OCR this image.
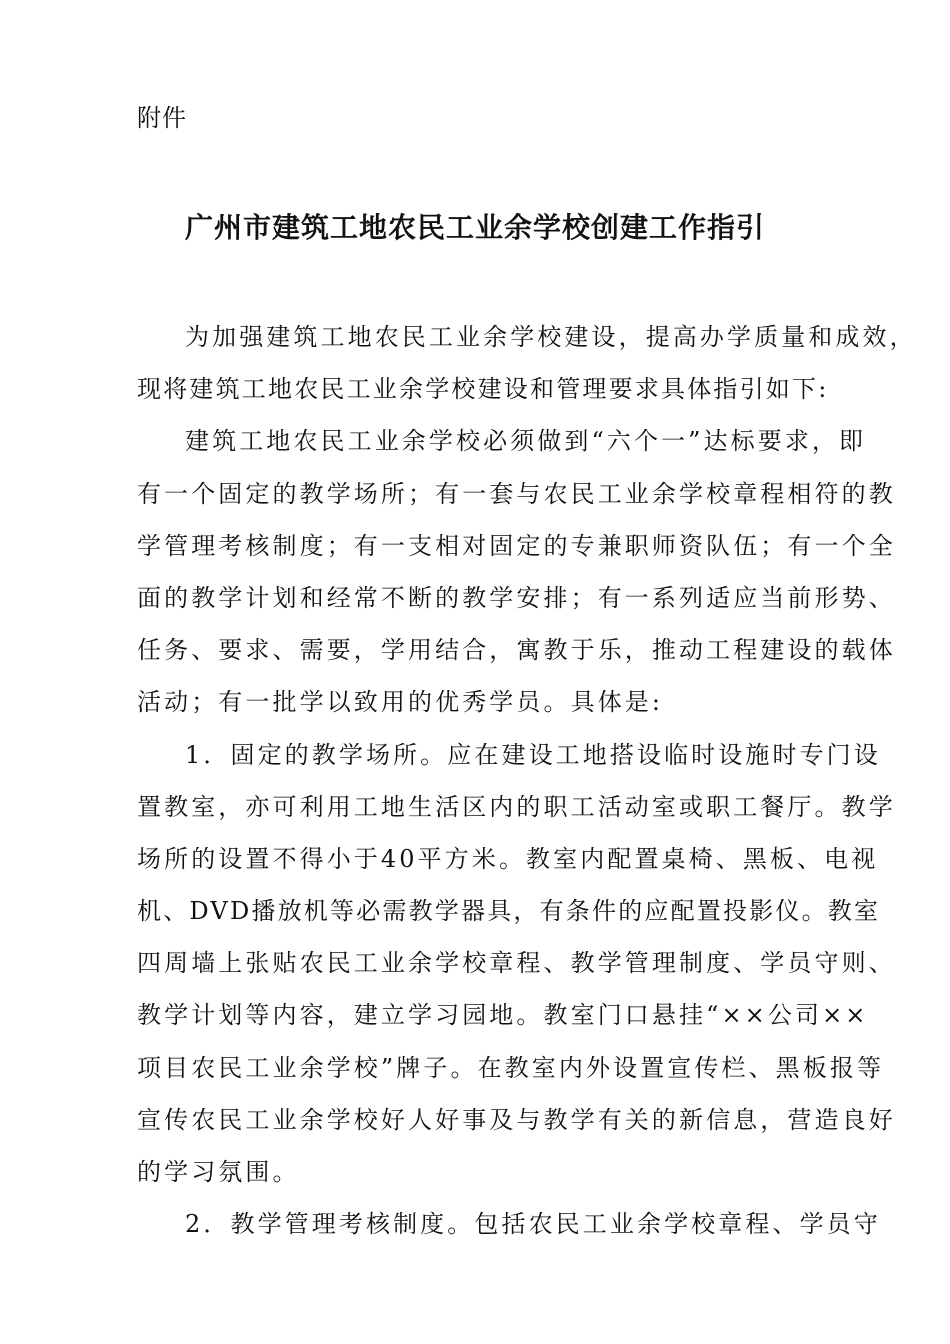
附件
广州市建筑工地农民工业余学校创建工作指引
为加强建筑工地农民工业余学校建设，提高办学质量和成效，
现将建筑工地农民工业余学校建设和管理要求具体指引如下:
建筑工地农民工业余学校必须做到“六个一”达标要求，即
有一个固定的教学场所；有一套与农民工业余学校章程相符的教
学管理考核制度；有一支相对固定的专兼职师资队伍；有一个全
面的教学计划和经常不断的教学安排；有一系列适应当前形势、
任务、要求、需要，学用结合，寓教于乐，推动工程建设的载体
活动；有一批学以致用的优秀学员。具体是:
1．固定的教学场所。应在建设工地搭设临时设施时专门设
置教室，亦可利用工地生活区内的职工活动室或职工餐厅。教学
场所的设置不得小于40平方米。教室内配置桌椅、黑板、电视
机、DVD播放机等必需教学器具，有条件的应配置投影仪。教室
四周墙上张贴农民工业余学校章程、教学管理制度、学员守则、
教学计划等内容，建立学习园地。教室门口悬挂“××公司××
项目农民工业余学校”牌子。在教室内外设置宣传栏、黑板报等
宣传农民工业余学校好人好事及与教学有关的新信息，营造良好
的学习氛围。
2．教学管理考核制度。包括农民工业余学校章程、学员守
